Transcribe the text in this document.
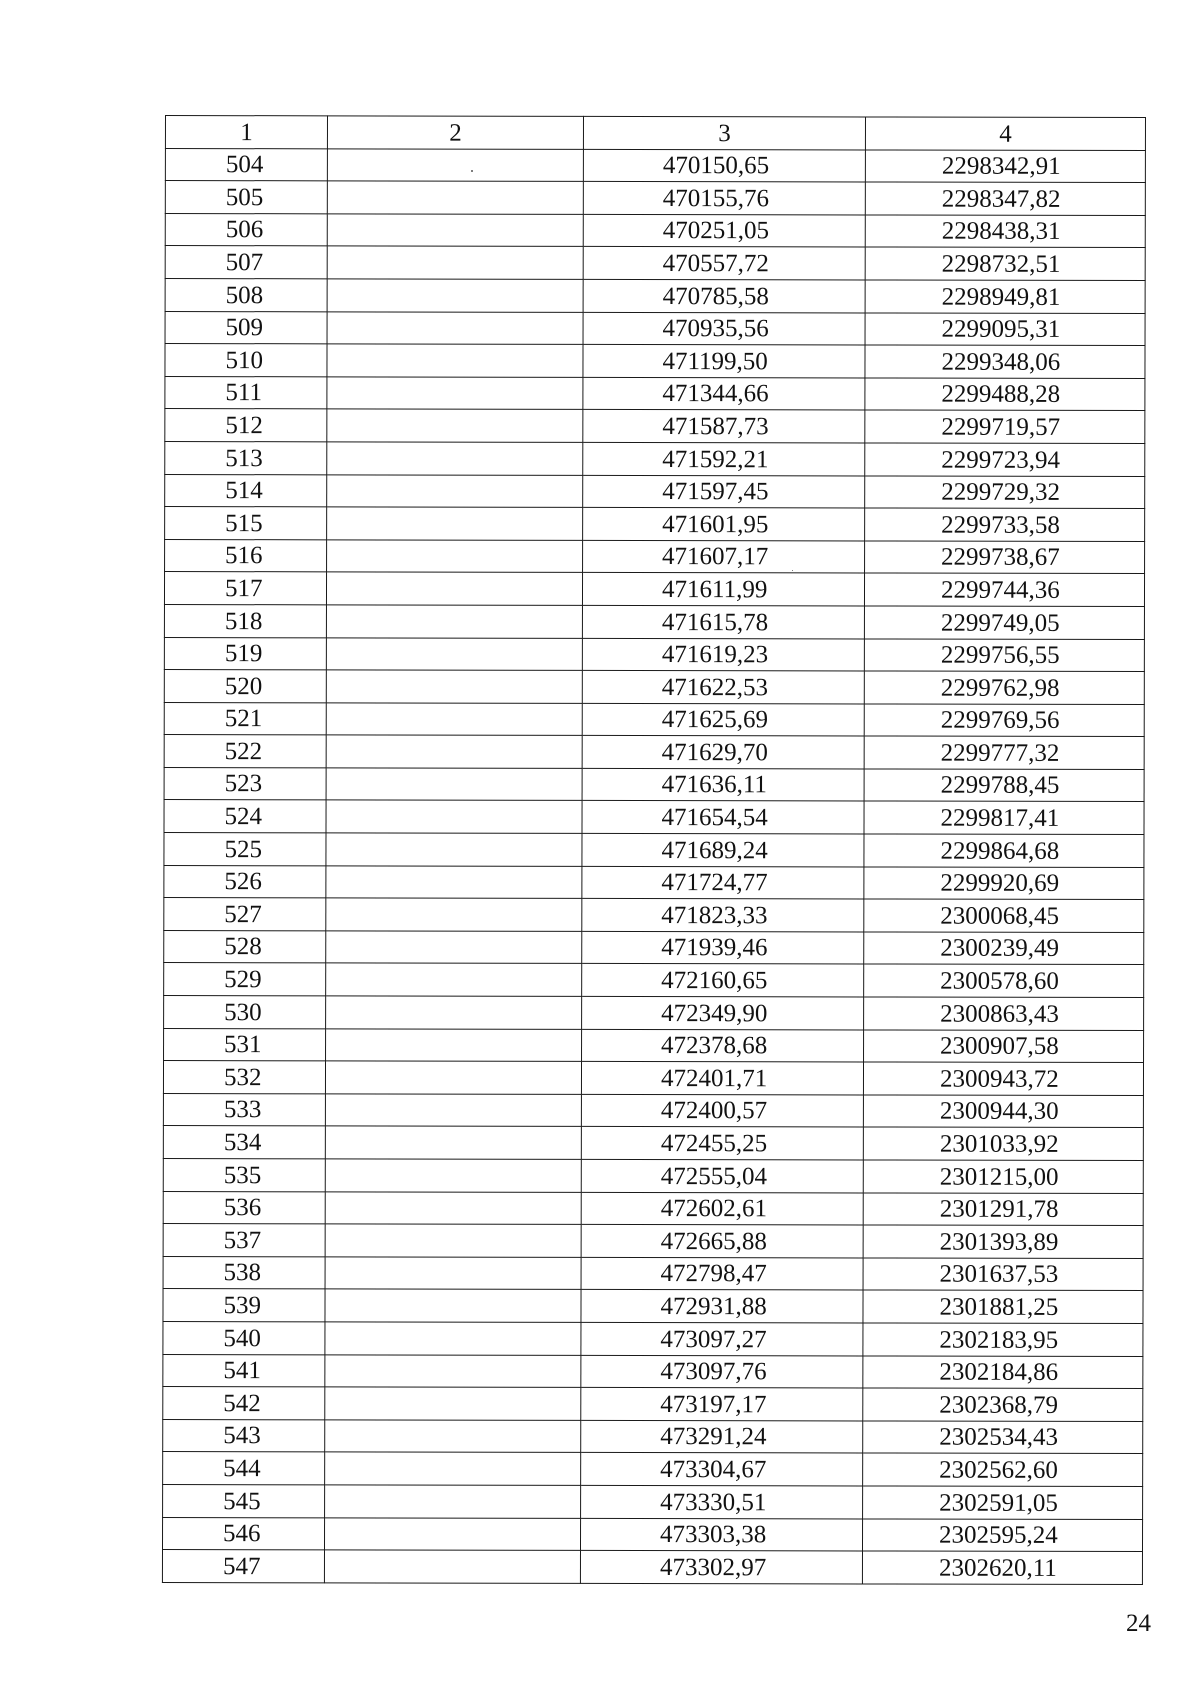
1	2	3	4
504		470150,65	2298342,91
505		470155,76	2298347,82
506		470251,05	2298438,31
507		470557,72	2298732,51
508		470785,58	2298949,81
509		470935,56	2299095,31
510		471199,50	2299348,06
511		471344,66	2299488,28
512		471587,73	2299719,57
513		471592,21	2299723,94
514		471597,45	2299729,32
515		471601,95	2299733,58
516		471607,17	2299738,67
517		471611,99	2299744,36
518		471615,78	2299749,05
519		471619,23	2299756,55
520		471622,53	2299762,98
521		471625,69	2299769,56
522		471629,70	2299777,32
523		471636,11	2299788,45
524		471654,54	2299817,41
525		471689,24	2299864,68
526		471724,77	2299920,69
527		471823,33	2300068,45
528		471939,46	2300239,49
529		472160,65	2300578,60
530		472349,90	2300863,43
531		472378,68	2300907,58
532		472401,71	2300943,72
533		472400,57	2300944,30
534		472455,25	2301033,92
535		472555,04	2301215,00
536		472602,61	2301291,78
537		472665,88	2301393,89
538		472798,47	2301637,53
539		472931,88	2301881,25
540		473097,27	2302183,95
541		473097,76	2302184,86
542		473197,17	2302368,79
543		473291,24	2302534,43
544		473304,67	2302562,60
545		473330,51	2302591,05
546		473303,38	2302595,24
547		473302,97	2302620,11
24
